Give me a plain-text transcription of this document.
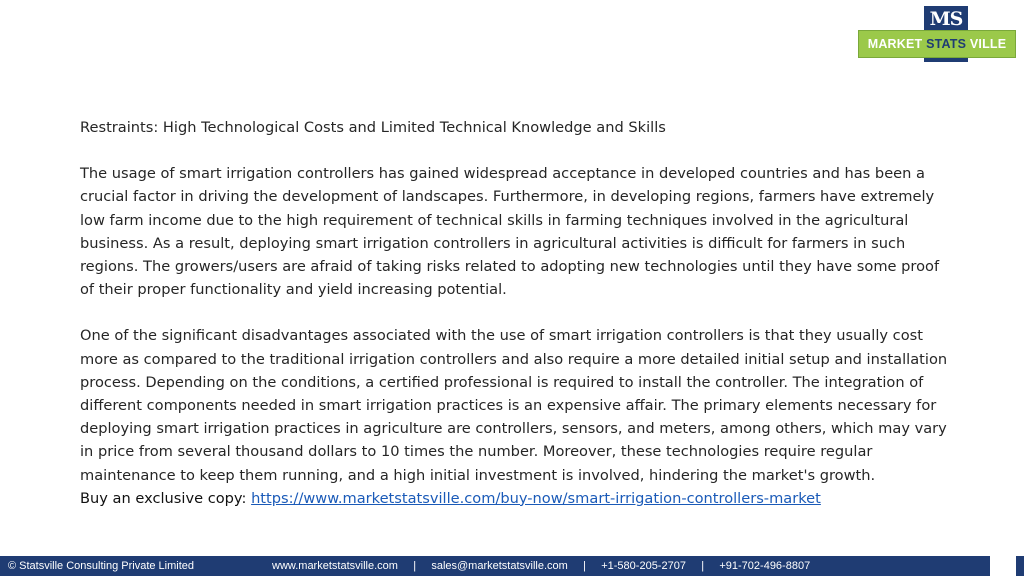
MS
MARKET STATS VILLE

Restraints: High Technological Costs and Limited Technical Knowledge and Skills

The usage of smart irrigation controllers has gained widespread acceptance in developed countries and has been a crucial factor in driving the development of landscapes. Furthermore, in developing regions, farmers have extremely low farm income due to the high requirement of technical skills in farming techniques involved in the agricultural business. As a result, deploying smart irrigation controllers in agricultural activities is difficult for farmers in such regions. The growers/users are afraid of taking risks related to adopting new technologies until they have some proof of their proper functionality and yield increasing potential.

One of the significant disadvantages associated with the use of smart irrigation controllers is that they usually cost more as compared to the traditional irrigation controllers and also require a more detailed initial setup and installation process. Depending on the conditions, a certified professional is required to install the controller. The integration of different components needed in smart irrigation practices is an expensive affair. The primary elements necessary for deploying smart irrigation practices in agriculture are controllers, sensors, and meters, among others, which may vary in price from several thousand dollars to 10 times the number. Moreover, these technologies require regular maintenance to keep them running, and a high initial investment is involved, hindering the market's growth.

Buy an exclusive copy: https://www.marketstatsville.com/buy-now/smart-irrigation-controllers-market

© Statsville Consulting Private Limited	www.marketstatsville.com     |     sales@marketstatsville.com     |     +1-580-205-2707     |     +91-702-496-8807
